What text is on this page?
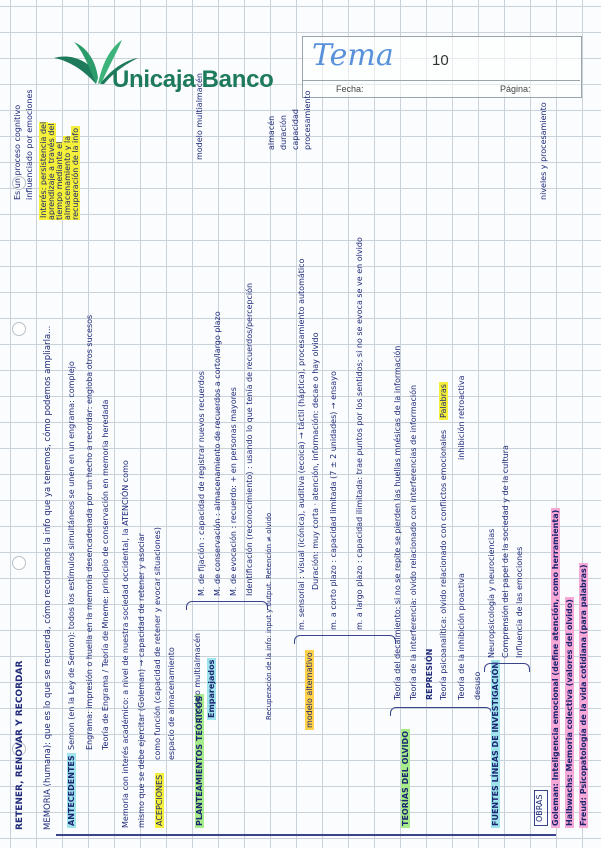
Unicaja Banco
Tema	10
Fecha:	Página:
RETENER, RENOVAR Y RECORDAR MEMORIA (humana): que es lo que se recuerda, cómo recordamos la info que ya tenemos, cómo podemos ampliarla... ANTECEDENTES
Semon (en la Ley de Semon): todos los estímulos simultáneos se unen en un engrama: complejo Engrama: impresión o huella en la memoria desencadenada por un hecho a recordar: engloba otros sucesos Teoría de Engrama / Teoría de Mneme: principio de conservación en memoria heredada Memoria con interés académico: a nivel de nuestra sociedad occidental, la ATENCIÓN como mismo que se debe ejercitar (Goleman) → capacidad de retener y asociar ACEPCIONES
como función (capacidad de retener y evocar situaciones) espacio de almacenamiento PLANTEAMIENTOS TEÓRICOS
modelo multialmacén Emparejados
M. de fijación : capacidad de registrar nuevos recuerdos
M. de conservación : almacenamiento de recuerdos a corto/largo plazo
M. de evocación : recuerdo: + en personas mayores
Identificación (reconocimiento) : usando lo que tenía de recuerdos/percepción
Recuperación de la info: input y output. Retención ≠ olvido	modelo alternativo
m. sensorial : visual (icónica), auditiva (ecoica) → táctil (háptica), procesamiento automático Duración: muy corta · atención, información: decae o hay olvido
m. a corto plazo : capacidad limitada (7 ± 2 unidades) → ensayo
m. a largo plazo : capacidad ilimitada: trae puntos por los sentidos; si no se evoca se ve en olvido
TEORÍAS DEL OLVIDO
Teoría del decaimiento: si no se repite se pierden las huellas mnésicas de la información Teoría de la interferencia: olvido relacionado con interferencias de información REPRESIÓN Teoría psicoanalítica: olvido relacionado con conflictos emocionales
Palabras
Teoría de la inhibición proactiva
inhibición retroactiva
desuso FUENTES LÍNEAS DE INVESTIGACIÓN
Neuropsicología y neurociencias Comprensión del papel de la sociedad y de la cultura Influencia de las emociones
OBRAS Goleman: Inteligencia emocional (define atención, como herramienta) Halbwachs: Memoria colectiva (valores del olvido) Freud: Psicopatología de la vida cotidiana (para palabras)
Es un proceso cognitivo influenciado por emociones Interés: persistencia del aprendizaje a través del tiempo mediante el almacenamiento y la recuperación de la info
modelo multialmacén	almacén duración capacidad procesamiento	niveles y procesamiento
